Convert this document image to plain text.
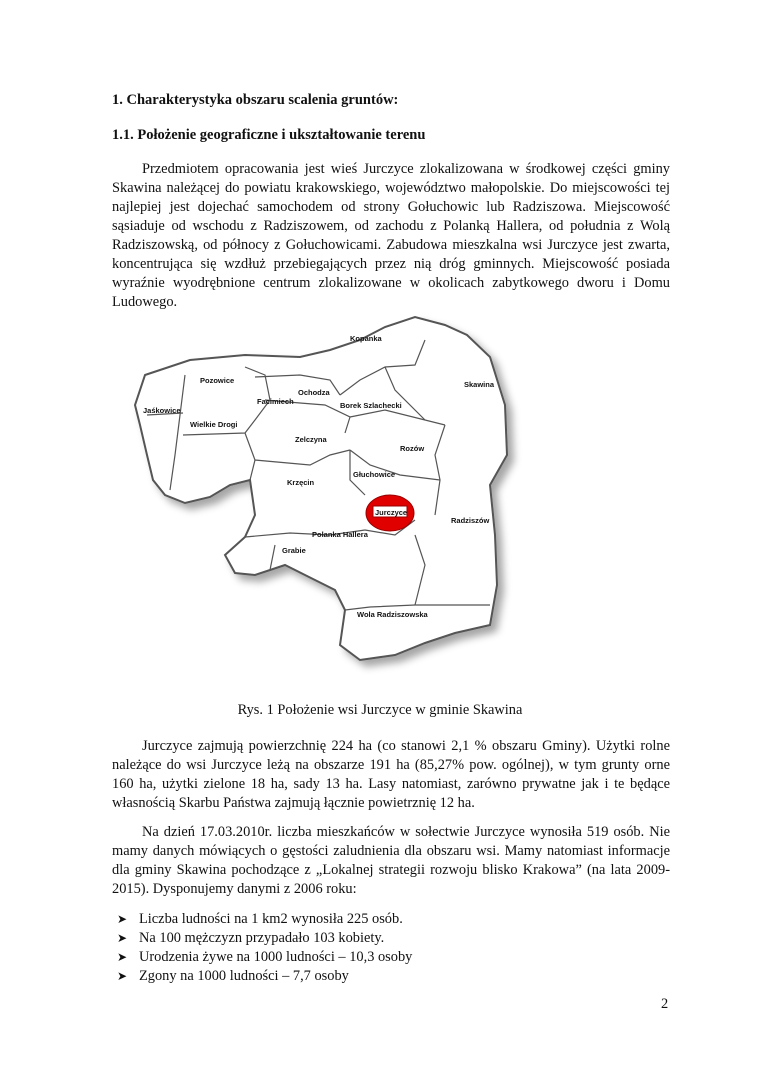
1. Charakterystyka obszaru scalenia gruntów:
1.1. Położenie geograficzne i ukształtowanie terenu

Przedmiotem opracowania jest wieś Jurczyce zlokalizowana w środkowej części gminy Skawina należącej do powiatu krakowskiego, województwo małopolskie. Do miejscowości tej najlepiej jest dojechać samochodem od strony Gołuchowic lub Radziszowa. Miejscowość sąsiaduje od wschodu z Radziszowem, od zachodu z Polanką Hallera, od południa z Wolą Radziszowską, od północy z Gołuchowicami. Zabudowa mieszkalna wsi Jurczyce jest zwarta, koncentrująca się wzdłuż przebiegających przez nią dróg gminnych. Miejscowość posiada wyraźnie wyodrębnione centrum zlokalizowane w okolicach zabytkowego dworu i Domu Ludowego.

Kopanka
Pozowice	Skawina
Jaśkowice
Wielkie Drogi
Facimiech
Ochodza
Borek Szlachecki
Zelczyna
Rozów
Głuchowice
Krzęcin
Jurczyce
Radziszów
Polanka Hallera
Grabie
Wola Radziszowska
Rys. 1 Położenie wsi Jurczyce w gminie Skawina

Jurczyce zajmują powierzchnię 224 ha (co stanowi 2,1 % obszaru Gminy). Użytki rolne należące do wsi Jurczyce leżą na obszarze 191 ha (85,27% pow. ogólnej), w tym grunty orne 160 ha, użytki zielone 18 ha, sady 13 ha. Lasy natomiast, zarówno prywatne jak i te będące własnością Skarbu Państwa zajmują łącznie powietrznię 12 ha.

Na dzień 17.03.2010r. liczba mieszkańców w sołectwie Jurczyce wynosiła 519 osób. Nie mamy danych mówiących o gęstości zaludnienia dla obszaru wsi. Mamy natomiast informacje dla gminy Skawina pochodzące z „Lokalnej strategii rozwoju blisko Krakowa” (na lata 2009-2015). Dysponujemy danymi z 2006 roku:

➤ Liczba ludności na 1 km2 wynosiła 225 osób.
➤ Na 100 mężczyzn przypadało 103 kobiety.
➤ Urodzenia żywe na 1000 ludności – 10,3 osoby
➤ Zgony na 1000 ludności – 7,7 osoby
2
